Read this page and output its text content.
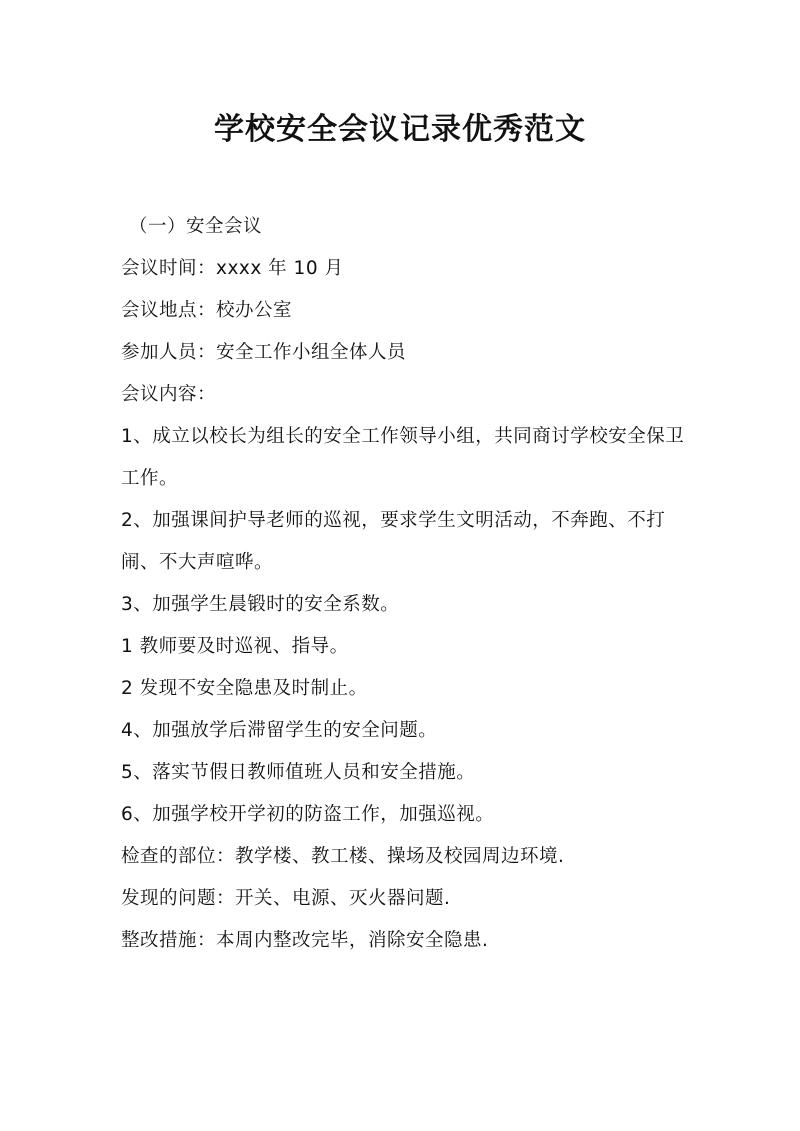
学校安全会议记录优秀范文

（一）安全会议

会议时间：xxxx 年 10 月

会议地点：校办公室

参加人员：安全工作小组全体人员

会议内容：

1、成立以校长为组长的安全工作领导小组，共同商讨学校安全保卫工作。

2、加强课间护导老师的巡视，要求学生文明活动，不奔跑、不打闹、不大声喧哗。

3、加强学生晨锻时的安全系数。

1 教师要及时巡视、指导。

2 发现不安全隐患及时制止。

4、加强放学后滞留学生的安全问题。

5、落实节假日教师值班人员和安全措施。

6、加强学校开学初的防盗工作，加强巡视。

检查的部位：教学楼、教工楼、操场及校园周边环境.

发现的问题：开关、电源、灭火器问题.

整改措施：本周内整改完毕，消除安全隐患.
